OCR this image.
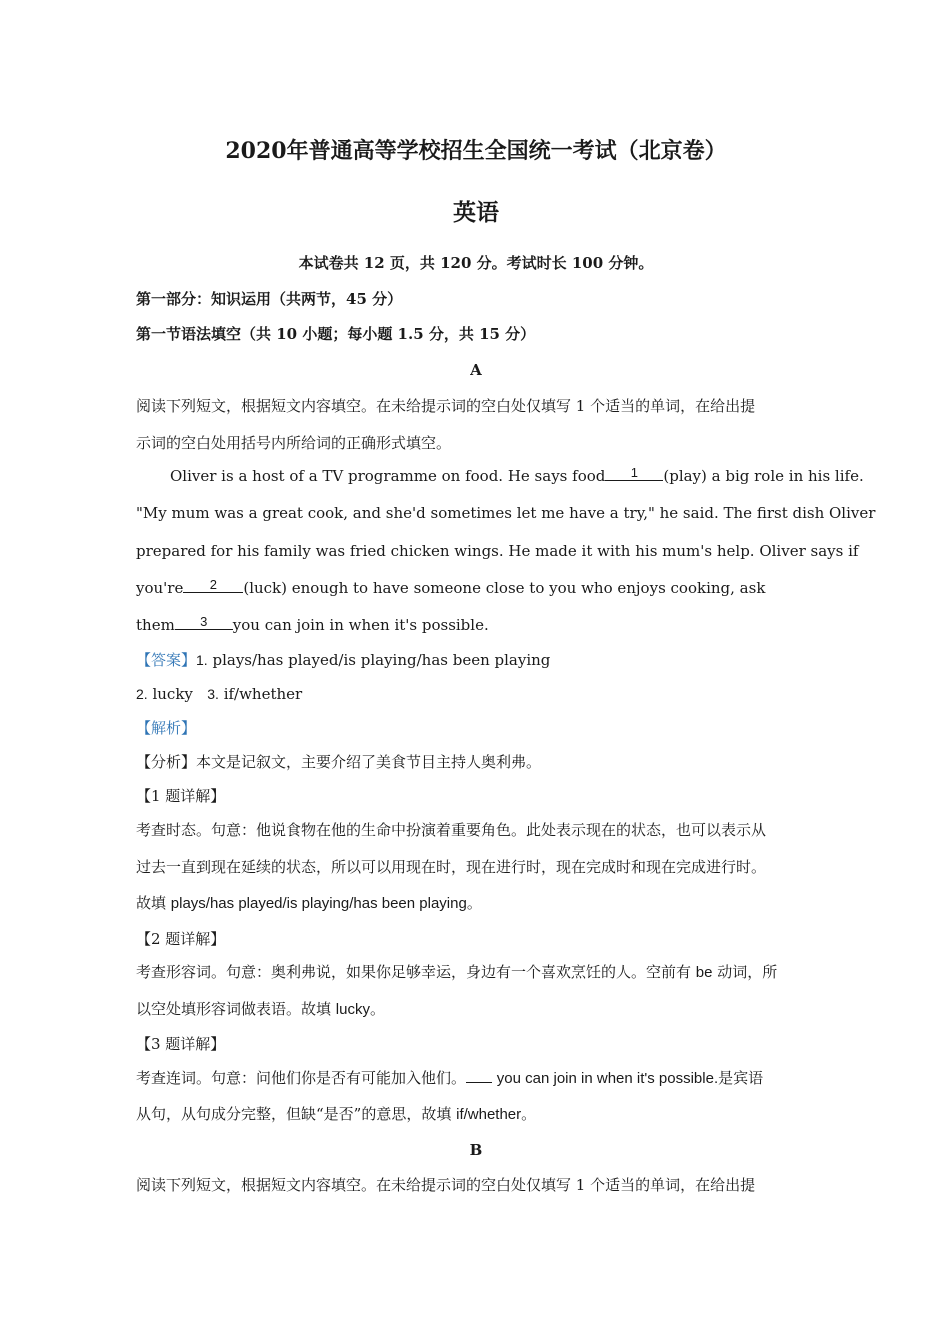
2020年普通高等学校招生全国统一考试（北京卷）
英语
本试卷共 12 页，共 120 分。考试时长 100 分钟。
第一部分：知识运用（共两节，45 分）
第一节语法填空（共 10 小题；每小题 1.5 分，共 15 分）
A
阅读下列短文，根据短文内容填空。在未给提示词的空白处仅填写 1 个适当的单词，在给出提
示词的空白处用括号内所给词的正确形式填空。
Oliver is a host of a TV programme on food. He says food 1 (play) a big role in his life.
"My mum was a great cook, and she'd sometimes let me have a try," he said. The first dish Oliver
prepared for his family was fried chicken wings. He made it with his mum's help. Oliver says if
you're 2 (luck) enough to have someone close to you who enjoys cooking, ask
them 3 you can join in when it's possible.
【答案】1. plays/has played/is playing/has been playing
2. lucky 3. if/whether
【解析】
【分析】本文是记叙文，主要介绍了美食节目主持人奥利弗。
【1 题详解】
考查时态。句意：他说食物在他的生命中扮演着重要角色。此处表示现在的状态，也可以表示从
过去一直到现在延续的状态，所以可以用现在时，现在进行时，现在完成时和现在完成进行时。
故填 plays/has played/is playing/has been playing。
【2 题详解】
考查形容词。句意：奥利弗说，如果你足够幸运，身边有一个喜欢烹饪的人。空前有 be 动词，所
以空处填形容词做表语。故填 lucky。
【3 题详解】
考查连词。句意：问他们你是否有可能加入他们。 you can join in when it's possible.是宾语
从句，从句成分完整，但缺“是否”的意思，故填 if/whether。
B
阅读下列短文，根据短文内容填空。在未给提示词的空白处仅填写 1 个适当的单词，在给出提
